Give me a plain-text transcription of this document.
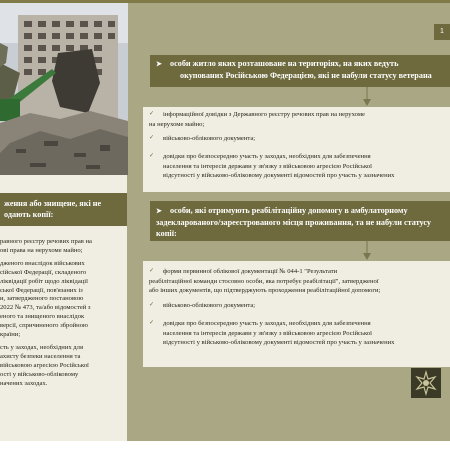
ження або знищене, які не
одають копії:

равного реєстру речових прав на
ові права на нерухоме майно;

дженого внаслідок військових
сійської Федерації, складеного
ліквідації робіт щодо ліквідації
ської Федерації, пов'язаних із
и, затвердженого постановою
2022 № 473, та/або відомостей з
еного та знищеного внаслідок
версії, спричиненого збройною
країни;

сть у заходах, необхідних для
ахисту безпеки населення та
військовою агресією Російської
ості у військово-обліковому
начених заходах.

1
➤ особи житло яких розташоване на територіях, на яких ведуть
окупованих Російською Федерацією, які не набули статусу ветерана
✓	інформаційної довідки з Державного реєстру речових прав на нерухоме
на нерухоме майно;
✓	військово-облікового документа;
✓	довідки про безпосередню участь у заходах, необхідних для забезпечення
населення та інтересів держави у зв'язку з військовою агресією Російської
відсутності у військово-обліковому документі відомостей про участь у зазначених
➤ особи, які отримують реабілітаційну допомогу в амбулаторному
задекларованого/зареєстрованого місця проживання, та не набули статусу
копії:
✓	форми первинної облікової документації № 044-1 "Результати
реабілітаційної команди стосовно особи, яка потребує реабілітації", затвердженої
або інших документів, що підтверджують проходження реабілітаційної допомоги;
✓	військово-облікового документа;
✓	довідки про безпосередню участь у заходах, необхідних для забезпечення
населення та інтересів держави у зв'язку з військовою агресією Російської
відсутності у військово-обліковому документі відомостей про участь у зазначених
